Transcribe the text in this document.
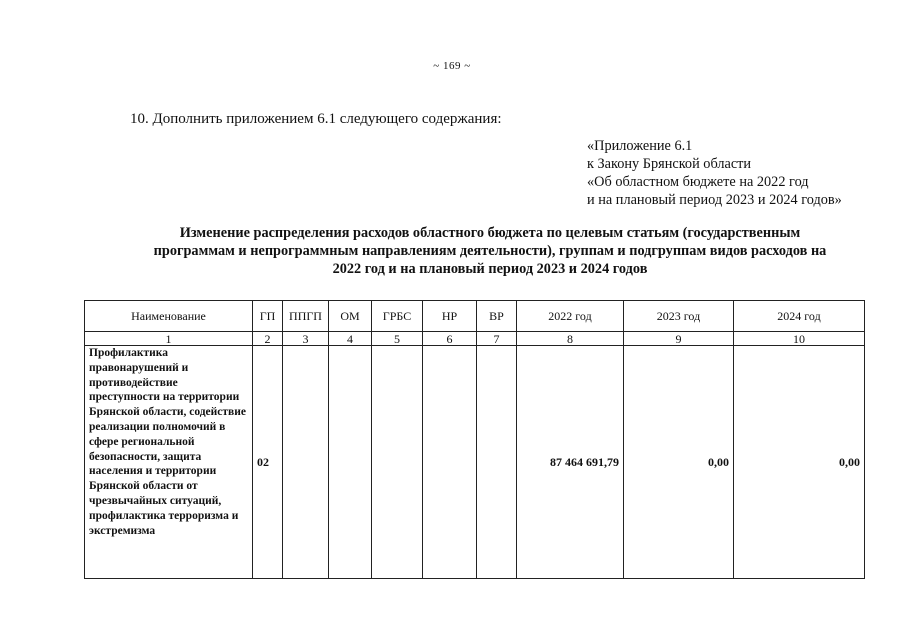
~ 169 ~
10. Дополнить приложением 6.1 следующего содержания:
«Приложение 6.1
к Закону Брянской области
«Об областном бюджете на 2022 год
и на плановый период 2023 и 2024 годов»
Изменение распределения расходов областного бюджета по целевым статьям (государственным
программам и непрограммным направлениям деятельности), группам и подгруппам видов расходов на
2022 год и на плановый период 2023 и 2024 годов
Наименование	ГП	ППГП	ОМ	ГРБС	НР	ВР	2022 год	2023 год	2024 год
1	2	3	4	5	6	7	8	9	10
Профилактика правонарушений и противодействие преступности на территории Брянской области, содействие реализации полномочий в сфере региональной безопасности, защита населения и территории Брянской области от чрезвычайных ситуаций, профилактика терроризма и экстремизма	02						87 464 691,79	0,00	0,00
